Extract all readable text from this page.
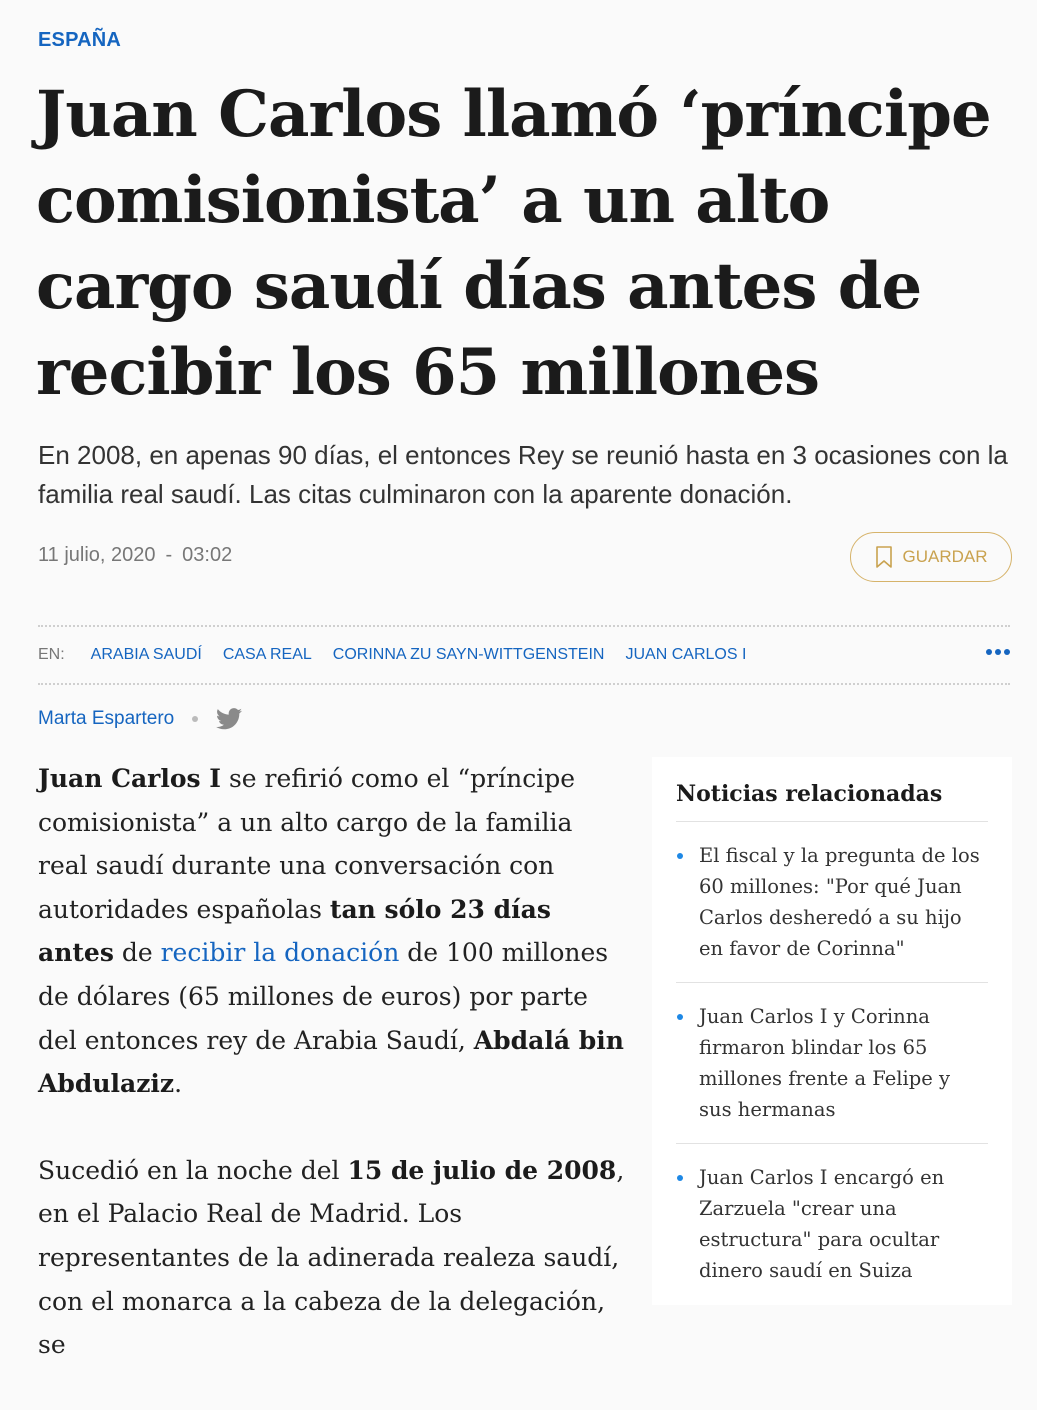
ESPAÑA
Juan Carlos llamó ‘príncipe comisionista’ a un alto cargo saudí días antes de recibir los 65 millones

En 2008, en apenas 90 días, el entonces Rey se reunió hasta en 3 ocasiones con la familia real saudí. Las citas culminaron con la aparente donación.

11 julio, 2020 - 03:02	GUARDAR
EN: ARABIA SAUDÍ CASA REAL CORINNA ZU SAYN-WITTGENSTEIN JUAN CARLOS I
Marta Espartero

Juan Carlos I se refirió como el “príncipe comisionista” a un alto cargo de la familia real saudí durante una conversación con autoridades españolas tan sólo 23 días antes de recibir la donación de 100 millones de dólares (65 millones de euros) por parte del entonces rey de Arabia Saudí, Abdalá bin Abdulaziz.

Sucedió en la noche del 15 de julio de 2008, en el Palacio Real de Madrid. Los representantes de la adinerada realeza saudí, con el monarca a la cabeza de la delegación, se

Noticias relacionadas
El fiscal y la pregunta de los 60 millones: "Por qué Juan Carlos desheredó a su hijo en favor de Corinna"
Juan Carlos I y Corinna firmaron blindar los 65 millones frente a Felipe y sus hermanas
Juan Carlos I encargó en Zarzuela "crear una estructura" para ocultar dinero saudí en Suiza
